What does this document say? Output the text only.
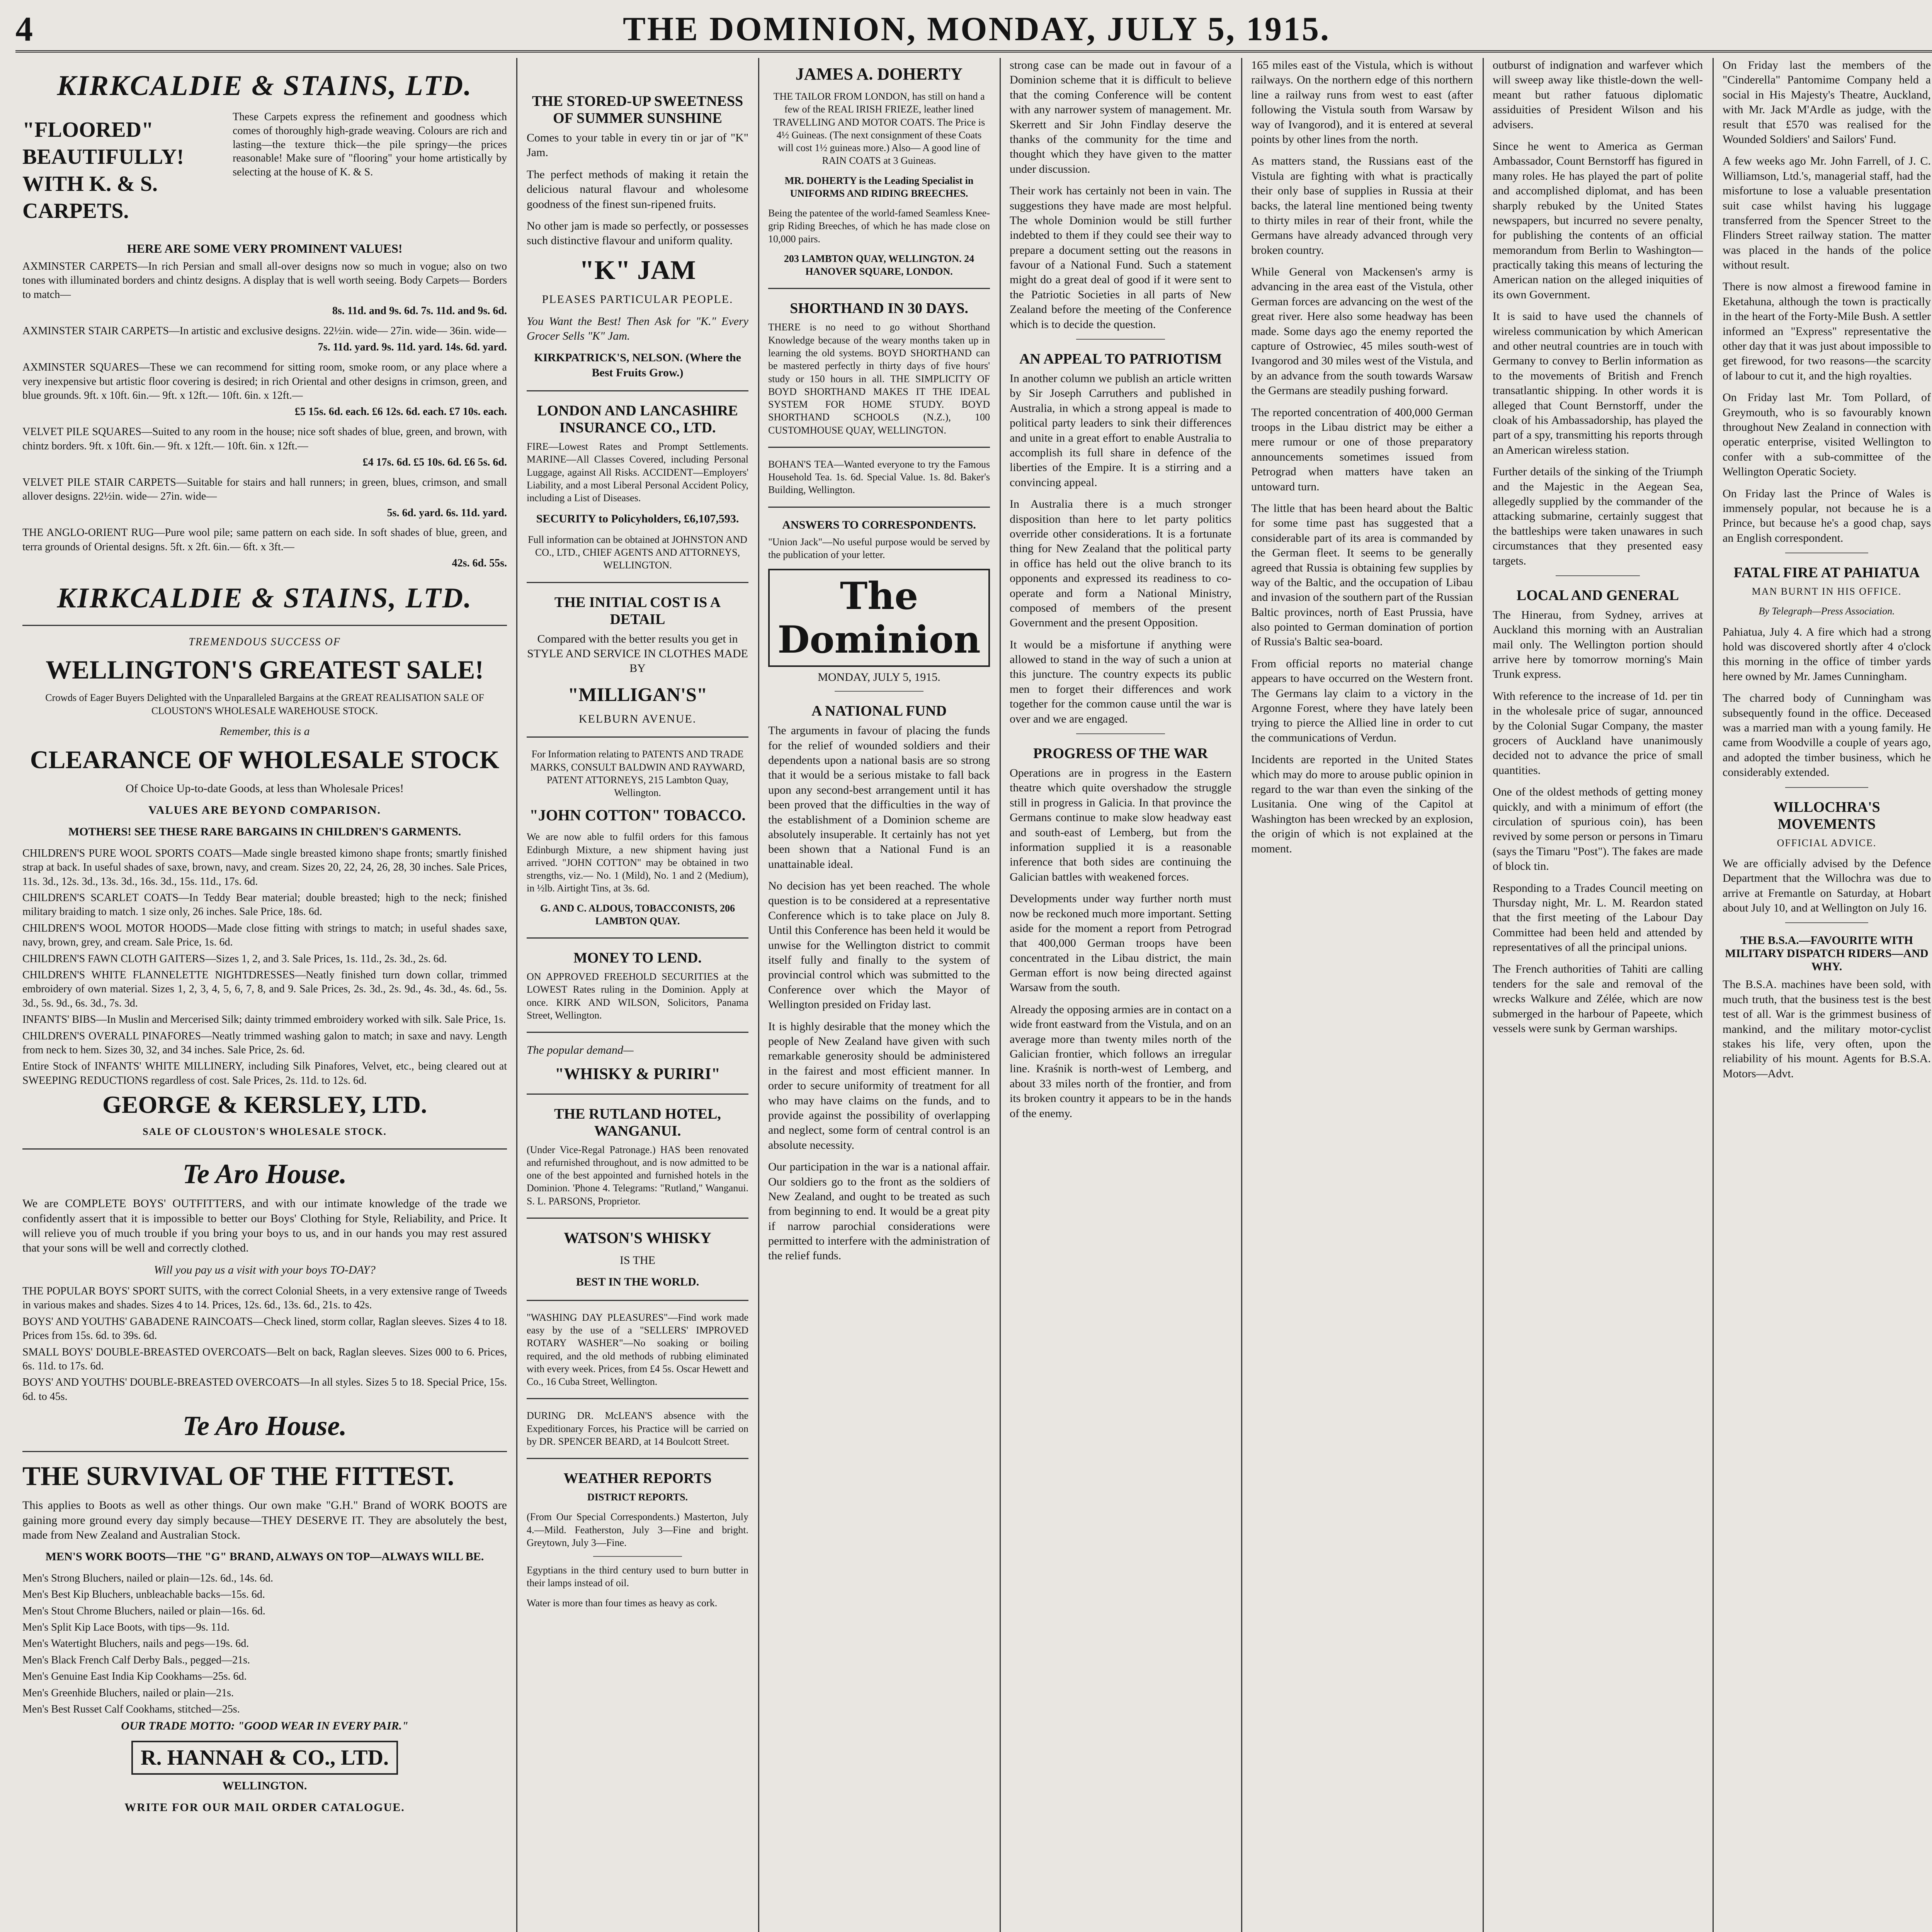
4	THE DOMINION, MONDAY, JULY 5, 1915.
KIRKCALDIE & STAINS, LTD.
"FLOORED" BEAUTIFULLY! WITH K. & S. CARPETS.

These Carpets express the refinement and goodness which comes of thoroughly high-grade weaving. Colours are rich and lasting—the texture thick—the pile springy—the prices reasonable! Make sure of "flooring" your home artistically by selecting at the house of K. & S.

HERE ARE SOME VERY PROMINENT VALUES!

AXMINSTER CARPETS—In rich Persian and small all-over designs now so much in vogue; also on two tones with illuminated borders and chintz designs. A display that is well worth seeing. Body Carpets— Borders to match—

8s. 11d. and 9s. 6d. 7s. 11d. and 9s. 6d.

AXMINSTER STAIR CARPETS—In artistic and exclusive designs. 22½in. wide— 27in. wide— 36in. wide—

7s. 11d. yard. 9s. 11d. yard. 14s. 6d. yard.

AXMINSTER SQUARES—These we can recommend for sitting room, smoke room, or any place where a very inexpensive but artistic floor covering is desired; in rich Oriental and other designs in crimson, green, and blue grounds. 9ft. x 10ft. 6in.— 9ft. x 12ft.— 10ft. 6in. x 12ft.—

£5 15s. 6d. each. £6 12s. 6d. each. £7 10s. each.

VELVET PILE SQUARES—Suited to any room in the house; nice soft shades of blue, green, and brown, with chintz borders. 9ft. x 10ft. 6in.— 9ft. x 12ft.— 10ft. 6in. x 12ft.—

£4 17s. 6d. £5 10s. 6d. £6 5s. 6d.

VELVET PILE STAIR CARPETS—Suitable for stairs and hall runners; in green, blues, crimson, and small allover designs. 22½in. wide— 27in. wide—

5s. 6d. yard. 6s. 11d. yard.

THE ANGLO-ORIENT RUG—Pure wool pile; same pattern on each side. In soft shades of blue, green, and terra grounds of Oriental designs. 5ft. x 2ft. 6in.— 6ft. x 3ft.—

42s. 6d. 55s.

KIRKCALDIE & STAINS, LTD.
TREMENDOUS SUCCESS OF
WELLINGTON'S GREATEST SALE!

Crowds of Eager Buyers Delighted with the Unparalleled Bargains at the GREAT REALISATION SALE OF CLOUSTON'S WHOLESALE WAREHOUSE STOCK.

Remember, this is a

CLEARANCE OF WHOLESALE STOCK

Of Choice Up-to-date Goods, at less than Wholesale Prices!

VALUES ARE BEYOND COMPARISON.

MOTHERS! SEE THESE RARE BARGAINS IN CHILDREN'S GARMENTS.

CHILDREN'S PURE WOOL SPORTS COATS—Made single breasted kimono shape fronts; smartly finished strap at back. In useful shades of saxe, brown, navy, and cream. Sizes 20, 22, 24, 26, 28, 30 inches. Sale Prices, 11s. 3d., 12s. 3d., 13s. 3d., 16s. 3d., 15s. 11d., 17s. 6d.

CHILDREN'S SCARLET COATS—In Teddy Bear material; double breasted; high to the neck; finished military braiding to match. 1 size only, 26 inches. Sale Price, 18s. 6d.

CHILDREN'S WOOL MOTOR HOODS—Made close fitting with strings to match; in useful shades saxe, navy, brown, grey, and cream. Sale Price, 1s. 6d.

CHILDREN'S FAWN CLOTH GAITERS—Sizes 1, 2, and 3. Sale Prices, 1s. 11d., 2s. 3d., 2s. 6d.

CHILDREN'S WHITE FLANNELETTE NIGHTDRESSES—Neatly finished turn down collar, trimmed embroidery of own material. Sizes 1, 2, 3, 4, 5, 6, 7, 8, and 9. Sale Prices, 2s. 3d., 2s. 9d., 4s. 3d., 4s. 6d., 5s. 3d., 5s. 9d., 6s. 3d., 7s. 3d.

INFANTS' BIBS—In Muslin and Mercerised Silk; dainty trimmed embroidery worked with silk. Sale Price, 1s.

CHILDREN'S OVERALL PINAFORES—Neatly trimmed washing galon to match; in saxe and navy. Length from neck to hem. Sizes 30, 32, and 34 inches. Sale Price, 2s. 6d.

Entire Stock of INFANTS' WHITE MILLINERY, including Silk Pinafores, Velvet, etc., being cleared out at SWEEPING REDUCTIONS regardless of cost. Sale Prices, 2s. 11d. to 12s. 6d.

GEORGE & KERSLEY, LTD.

SALE OF CLOUSTON'S WHOLESALE STOCK.

Te Aro House.

We are COMPLETE BOYS' OUTFITTERS, and with our intimate knowledge of the trade we confidently assert that it is impossible to better our Boys' Clothing for Style, Reliability, and Price. It will relieve you of much trouble if you bring your boys to us, and in our hands you may rest assured that your sons will be well and correctly clothed.

Will you pay us a visit with your boys TO-DAY?

THE POPULAR BOYS' SPORT SUITS, with the correct Colonial Sheets, in a very extensive range of Tweeds in various makes and shades. Sizes 4 to 14. Prices, 12s. 6d., 13s. 6d., 21s. to 42s.

BOYS' AND YOUTHS' GABADENE RAINCOATS—Check lined, storm collar, Raglan sleeves. Sizes 4 to 18. Prices from 15s. 6d. to 39s. 6d.

SMALL BOYS' DOUBLE-BREASTED OVERCOATS—Belt on back, Raglan sleeves. Sizes 000 to 6. Prices, 6s. 11d. to 17s. 6d.

BOYS' AND YOUTHS' DOUBLE-BREASTED OVERCOATS—In all styles. Sizes 5 to 18. Special Price, 15s. 6d. to 45s.

Te Aro House.
THE SURVIVAL OF THE FITTEST.

This applies to Boots as well as other things. Our own make "G.H." Brand of WORK BOOTS are gaining more ground every day simply because—THEY DESERVE IT. They are absolutely the best, made from New Zealand and Australian Stock.

MEN'S WORK BOOTS—THE "G" BRAND, ALWAYS ON TOP—ALWAYS WILL BE.

Men's Strong Bluchers, nailed or plain—12s. 6d., 14s. 6d.

Men's Best Kip Bluchers, unbleachable backs—15s. 6d.

Men's Stout Chrome Bluchers, nailed or plain—16s. 6d.

Men's Split Kip Lace Boots, with tips—9s. 11d.

Men's Watertight Bluchers, nails and pegs—19s. 6d.

Men's Black French Calf Derby Bals., pegged—21s.

Men's Genuine East India Kip Cookhams—25s. 6d.

Men's Greenhide Bluchers, nailed or plain—21s.

Men's Best Russet Calf Cookhams, stitched—25s.

OUR TRADE MOTTO: "GOOD WEAR IN EVERY PAIR."

R. HANNAH & CO., LTD.

WELLINGTON.

WRITE FOR OUR MAIL ORDER CATALOGUE.

THE STORED-UP SWEETNESS OF SUMMER SUNSHINE

Comes to your table in every tin or jar of "K" Jam.

The perfect methods of making it retain the delicious natural flavour and wholesome goodness of the finest sun-ripened fruits.

No other jam is made so perfectly, or possesses such distinctive flavour and uniform quality.

"K" JAM

PLEASES PARTICULAR PEOPLE.

You Want the Best! Then Ask for "K." Every Grocer Sells "K" Jam.

KIRKPATRICK'S, NELSON. (Where the Best Fruits Grow.)

LONDON AND LANCASHIRE INSURANCE CO., LTD.

FIRE—Lowest Rates and Prompt Settlements. MARINE—All Classes Covered, including Personal Luggage, against All Risks. ACCIDENT—Employers' Liability, and a most Liberal Personal Accident Policy, including a List of Diseases.

SECURITY to Policyholders, £6,107,593.

Full information can be obtained at JOHNSTON AND CO., LTD., CHIEF AGENTS AND ATTORNEYS, WELLINGTON.

THE INITIAL COST IS A DETAIL

Compared with the better results you get in STYLE AND SERVICE IN CLOTHES MADE BY

"MILLIGAN'S"

KELBURN AVENUE.

For Information relating to PATENTS AND TRADE MARKS, CONSULT BALDWIN AND RAYWARD, PATENT ATTORNEYS, 215 Lambton Quay, Wellington.

"JOHN COTTON" TOBACCO.

We are now able to fulfil orders for this famous Edinburgh Mixture, a new shipment having just arrived. "JOHN COTTON" may be obtained in two strengths, viz.— No. 1 (Mild), No. 1 and 2 (Medium), in ½lb. Airtight Tins, at 3s. 6d.

G. AND C. ALDOUS, TOBACCONISTS, 206 LAMBTON QUAY.

MONEY TO LEND.

ON APPROVED FREEHOLD SECURITIES at the LOWEST Rates ruling in the Dominion. Apply at once. KIRK AND WILSON, Solicitors, Panama Street, Wellington.

The popular demand—

"WHISKY & PURIRI"
THE RUTLAND HOTEL, WANGANUI.

(Under Vice-Regal Patronage.) HAS been renovated and refurnished throughout, and is now admitted to be one of the best appointed and furnished hotels in the Dominion. 'Phone 4. Telegrams: "Rutland," Wanganui. S. L. PARSONS, Proprietor.

WATSON'S WHISKY

IS THE

BEST IN THE WORLD.

"WASHING DAY PLEASURES"—Find work made easy by the use of a "SELLERS' IMPROVED ROTARY WASHER"—No soaking or boiling required, and the old methods of rubbing eliminated with every week. Prices, from £4 5s. Oscar Hewett and Co., 16 Cuba Street, Wellington.

DURING DR. McLEAN'S absence with the Expeditionary Forces, his Practice will be carried on by DR. SPENCER BEARD, at 14 Boulcott Street.

WEATHER REPORTS

DISTRICT REPORTS.

(From Our Special Correspondents.) Masterton, July 4.—Mild. Featherston, July 3—Fine and bright. Greytown, July 3—Fine.

Egyptians in the third century used to burn butter in their lamps instead of oil.

Water is more than four times as heavy as cork.

JAMES A. DOHERTY

THE TAILOR FROM LONDON, has still on hand a few of the REAL IRISH FRIEZE, leather lined TRAVELLING AND MOTOR COATS. The Price is 4½ Guineas. (The next consignment of these Coats will cost 1½ guineas more.) Also— A good line of RAIN COATS at 3 Guineas.

MR. DOHERTY is the Leading Specialist in UNIFORMS AND RIDING BREECHES.

Being the patentee of the world-famed Seamless Knee-grip Riding Breeches, of which he has made close on 10,000 pairs.

203 LAMBTON QUAY, WELLINGTON. 24 HANOVER SQUARE, LONDON.

SHORTHAND IN 30 DAYS.

THERE is no need to go without Shorthand Knowledge because of the weary months taken up in learning the old systems. BOYD SHORTHAND can be mastered perfectly in thirty days of five hours' study or 150 hours in all. THE SIMPLICITY OF BOYD SHORTHAND MAKES IT THE IDEAL SYSTEM FOR HOME STUDY. BOYD SHORTHAND SCHOOLS (N.Z.), 100 CUSTOMHOUSE QUAY, WELLINGTON.

BOHAN'S TEA—Wanted everyone to try the Famous Household Tea. 1s. 6d. Special Value. 1s. 8d. Baker's Building, Wellington.

ANSWERS TO CORRESPONDENTS.

"Union Jack"—No useful purpose would be served by the publication of your letter.

The Dominion
MONDAY, JULY 5, 1915.
A NATIONAL FUND

The arguments in favour of placing the funds for the relief of wounded soldiers and their dependents upon a national basis are so strong that it would be a serious mistake to fall back upon any second-best arrangement until it has been proved that the difficulties in the way of the establishment of a Dominion scheme are absolutely insuperable. It certainly has not yet been shown that a National Fund is an unattainable ideal.

No decision has yet been reached. The whole question is to be considered at a representative Conference which is to take place on July 8. Until this Conference has been held it would be unwise for the Wellington district to commit itself fully and finally to the system of provincial control which was submitted to the Conference over which the Mayor of Wellington presided on Friday last.

It is highly desirable that the money which the people of New Zealand have given with such remarkable generosity should be administered in the fairest and most efficient manner. In order to secure uniformity of treatment for all who may have claims on the funds, and to provide against the possibility of overlapping and neglect, some form of central control is an absolute necessity.

Our participation in the war is a national affair. Our soldiers go to the front as the soldiers of New Zealand, and ought to be treated as such from beginning to end. It would be a great pity if narrow parochial considerations were permitted to interfere with the administration of the relief funds.

strong case can be made out in favour of a Dominion scheme that it is difficult to believe that the coming Conference will be content with any narrower system of management. Mr. Skerrett and Sir John Findlay deserve the thanks of the community for the time and thought which they have given to the matter under discussion.

Their work has certainly not been in vain. The suggestions they have made are most helpful. The whole Dominion would be still further indebted to them if they could see their way to prepare a document setting out the reasons in favour of a National Fund. Such a statement might do a great deal of good if it were sent to the Patriotic Societies in all parts of New Zealand before the meeting of the Conference which is to decide the question.

AN APPEAL TO PATRIOTISM

In another column we publish an article written by Sir Joseph Carruthers and published in Australia, in which a strong appeal is made to political party leaders to sink their differences and unite in a great effort to enable Australia to accomplish its full share in defence of the liberties of the Empire. It is a stirring and a convincing appeal.

In Australia there is a much stronger disposition than here to let party politics override other considerations. It is a fortunate thing for New Zealand that the political party in office has held out the olive branch to its opponents and expressed its readiness to co-operate and form a National Ministry, composed of members of the present Government and the present Opposition.

It would be a misfortune if anything were allowed to stand in the way of such a union at this juncture. The country expects its public men to forget their differences and work together for the common cause until the war is over and we are engaged.

PROGRESS OF THE WAR

Operations are in progress in the Eastern theatre which quite overshadow the struggle still in progress in Galicia. In that province the Germans continue to make slow headway east and south-east of Lemberg, but from the information supplied it is a reasonable inference that both sides are continuing the Galician battles with weakened forces.

Developments under way further north must now be reckoned much more important. Setting aside for the moment a report from Petrograd that 400,000 German troops have been concentrated in the Libau district, the main German effort is now being directed against Warsaw from the south.

Already the opposing armies are in contact on a wide front eastward from the Vistula, and on an average more than twenty miles north of the Galician frontier, which follows an irregular line. Kraśnik is north-west of Lemberg, and about 33 miles north of the frontier, and from its broken country it appears to be in the hands of the enemy.

165 miles east of the Vistula, which is without railways. On the northern edge of this northern line a railway runs from west to east (after following the Vistula south from Warsaw by way of Ivangorod), and it is entered at several points by other lines from the north.

As matters stand, the Russians east of the Vistula are fighting with what is practically their only base of supplies in Russia at their backs, the lateral line mentioned being twenty to thirty miles in rear of their front, while the Germans have already advanced through very broken country.

While General von Mackensen's army is advancing in the area east of the Vistula, other German forces are advancing on the west of the great river. Here also some headway has been made. Some days ago the enemy reported the capture of Ostrowiec, 45 miles south-west of Ivangorod and 30 miles west of the Vistula, and by an advance from the south towards Warsaw the Germans are steadily pushing forward.

The reported concentration of 400,000 German troops in the Libau district may be either a mere rumour or one of those preparatory announcements sometimes issued from Petrograd when matters have taken an untoward turn.

The little that has been heard about the Baltic for some time past has suggested that a considerable part of its area is commanded by the German fleet. It seems to be generally agreed that Russia is obtaining few supplies by way of the Baltic, and the occupation of Libau and invasion of the southern part of the Russian Baltic provinces, north of East Prussia, have also pointed to German domination of portion of Russia's Baltic sea-board.

From official reports no material change appears to have occurred on the Western front. The Germans lay claim to a victory in the Argonne Forest, where they have lately been trying to pierce the Allied line in order to cut the communications of Verdun.

Incidents are reported in the United States which may do more to arouse public opinion in regard to the war than even the sinking of the Lusitania. One wing of the Capitol at Washington has been wrecked by an explosion, the origin of which is not explained at the moment.

outburst of indignation and warfever which will sweep away like thistle-down the well-meant but rather fatuous diplomatic assiduities of President Wilson and his advisers.

Since he went to America as German Ambassador, Count Bernstorff has figured in many roles. He has played the part of polite and accomplished diplomat, and has been sharply rebuked by the United States newspapers, but incurred no severe penalty, for publishing the contents of an official memorandum from Berlin to Washington—practically taking this means of lecturing the American nation on the alleged iniquities of its own Government.

It is said to have used the channels of wireless communication by which American and other neutral countries are in touch with Germany to convey to Berlin information as to the movements of British and French transatlantic shipping. In other words it is alleged that Count Bernstorff, under the cloak of his Ambassadorship, has played the part of a spy, transmitting his reports through an American wireless station.

Further details of the sinking of the Triumph and the Majestic in the Aegean Sea, allegedly supplied by the commander of the attacking submarine, certainly suggest that the battleships were taken unawares in such circumstances that they presented easy targets.

LOCAL AND GENERAL

The Hinerau, from Sydney, arrives at Auckland this morning with an Australian mail only. The Wellington portion should arrive here by tomorrow morning's Main Trunk express.

With reference to the increase of 1d. per tin in the wholesale price of sugar, announced by the Colonial Sugar Company, the master grocers of Auckland have unanimously decided not to advance the price of small quantities.

One of the oldest methods of getting money quickly, and with a minimum of effort (the circulation of spurious coin), has been revived by some person or persons in Timaru (says the Timaru "Post"). The fakes are made of block tin.

Responding to a Trades Council meeting on Thursday night, Mr. L. M. Reardon stated that the first meeting of the Labour Day Committee had been held and attended by representatives of all the principal unions.

The French authorities of Tahiti are calling tenders for the sale and removal of the wrecks Walkure and Zélée, which are now submerged in the harbour of Papeete, which vessels were sunk by German warships.

On Friday last the members of the "Cinderella" Pantomime Company held a social in His Majesty's Theatre, Auckland, with Mr. Jack M'Ardle as judge, with the result that £570 was realised for the Wounded Soldiers' and Sailors' Fund.

A few weeks ago Mr. John Farrell, of J. C. Williamson, Ltd.'s, managerial staff, had the misfortune to lose a valuable presentation suit case whilst having his luggage transferred from the Spencer Street to the Flinders Street railway station. The matter was placed in the hands of the police without result.

There is now almost a firewood famine in Eketahuna, although the town is practically in the heart of the Forty-Mile Bush. A settler informed an "Express" representative the other day that it was just about impossible to get firewood, for two reasons—the scarcity of labour to cut it, and the high royalties.

On Friday last Mr. Tom Pollard, of Greymouth, who is so favourably known throughout New Zealand in connection with operatic enterprise, visited Wellington to confer with a sub-committee of the Wellington Operatic Society.

On Friday last the Prince of Wales is immensely popular, not because he is a Prince, but because he's a good chap, says an English correspondent.

FATAL FIRE AT PAHIATUA

MAN BURNT IN HIS OFFICE.

By Telegraph—Press Association.

Pahiatua, July 4. A fire which had a strong hold was discovered shortly after 4 o'clock this morning in the office of timber yards here owned by Mr. James Cunningham.

The charred body of Cunningham was subsequently found in the office. Deceased was a married man with a young family. He came from Woodville a couple of years ago, and adopted the timber business, which he considerably extended.

WILLOCHRA'S MOVEMENTS

OFFICIAL ADVICE.

We are officially advised by the Defence Department that the Willochra was due to arrive at Fremantle on Saturday, at Hobart about July 10, and at Wellington on July 16.

THE B.S.A.—FAVOURITE WITH MILITARY DISPATCH RIDERS—AND WHY.

The B.S.A. machines have been sold, with much truth, that the business test is the best test of all. War is the grimmest business of mankind, and the military motor-cyclist stakes his life, very often, upon the reliability of his mount. Agents for B.S.A. Motors—Advt.
